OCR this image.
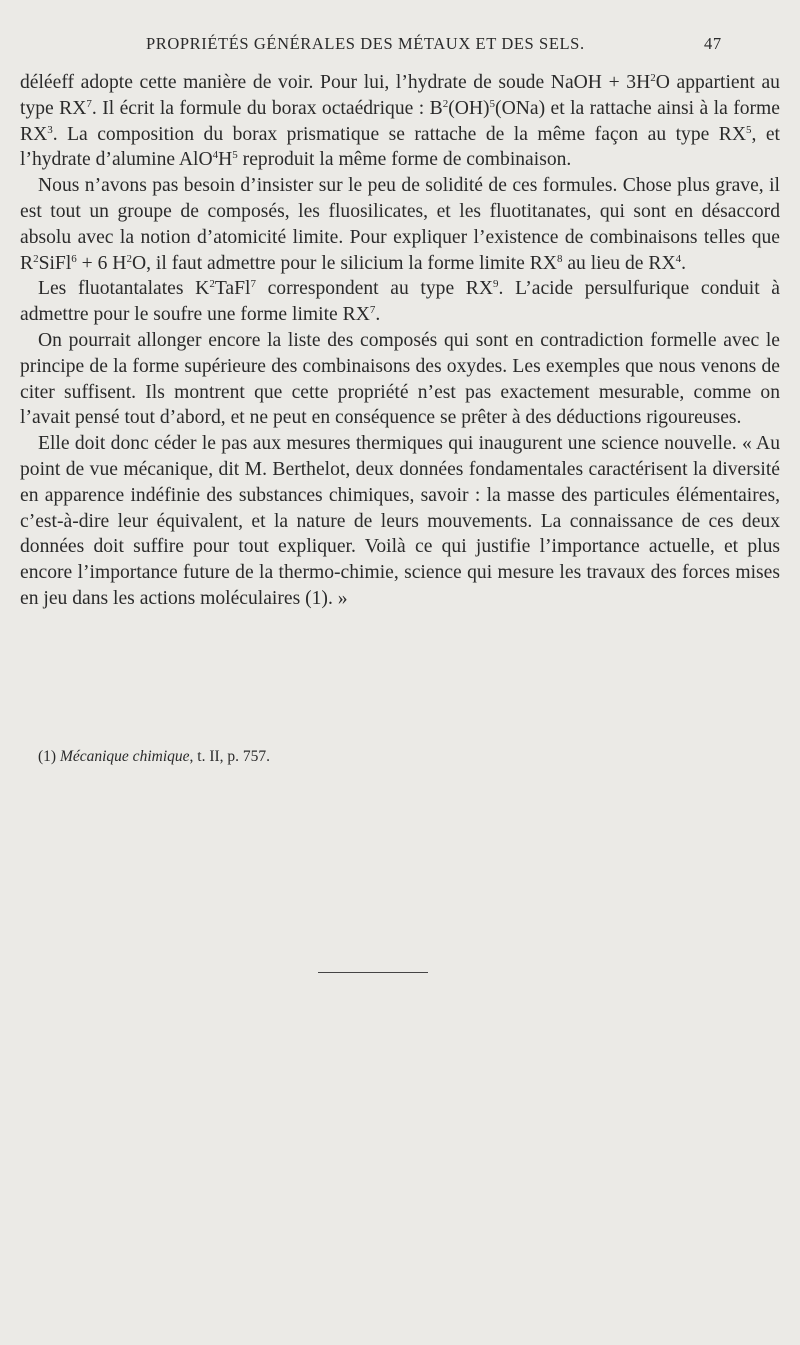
PROPRIÉTÉS GÉNÉRALES DES MÉTAUX ET DES SELS.	47

déléeff adopte cette manière de voir. Pour lui, l’hydrate de soude NaOH + $3H^2O$ appartient au type $RX^7$. Il écrit la formule du borax octaédrique : $B^2(OH)^5(ONa)$ et la rattache ainsi à la forme $RX^3$. La composition du borax prismatique se rattache de la même façon au type $RX^5$, et l’hydrate d’alumine $AlO^4H^5$ reproduit la même forme de combinaison.

Nous n’avons pas besoin d’insister sur le peu de solidité de ces formules. Chose plus grave, il est tout un groupe de composés, les fluosilicates, et les fluotitanates, qui sont en désaccord absolu avec la notion d’atomicité limite. Pour expliquer l’existence de combinaisons telles que $R^2SiFl^6 + 6$ $H^2O$, il faut admettre pour le silicium la forme limite $RX^8$ au lieu de $RX^4$.

Les fluotantalates $K^2TaFl^7$ correspondent au type $RX^9$. L’acide persulfurique conduit à admettre pour le soufre une forme limite $RX^7$.

On pourrait allonger encore la liste des composés qui sont en contradiction formelle avec le principe de la forme supérieure des combinaisons des oxydes. Les exemples que nous venons de citer suffisent. Ils montrent que cette propriété n’est pas exactement mesurable, comme on l’avait pensé tout d’abord, et ne peut en conséquence se prêter à des déductions rigoureuses.

Elle doit donc céder le pas aux mesures thermiques qui inaugurent une science nouvelle. « Au point de vue mécanique, dit M. Berthelot, deux données fondamentales caractérisent la diversité en apparence indéfinie des substances chimiques, savoir : la masse des particules élémentaires, c’est-à-dire leur équivalent, et la nature de leurs mouvements. La connaissance de ces deux données doit suffire pour tout expliquer. Voilà ce qui justifie l’importance actuelle, et plus encore l’importance future de la thermo-chimie, science qui mesure les travaux des forces mises en jeu dans les actions moléculaires (1). »

(1) Mécanique chimique, t. II, p. 757.
